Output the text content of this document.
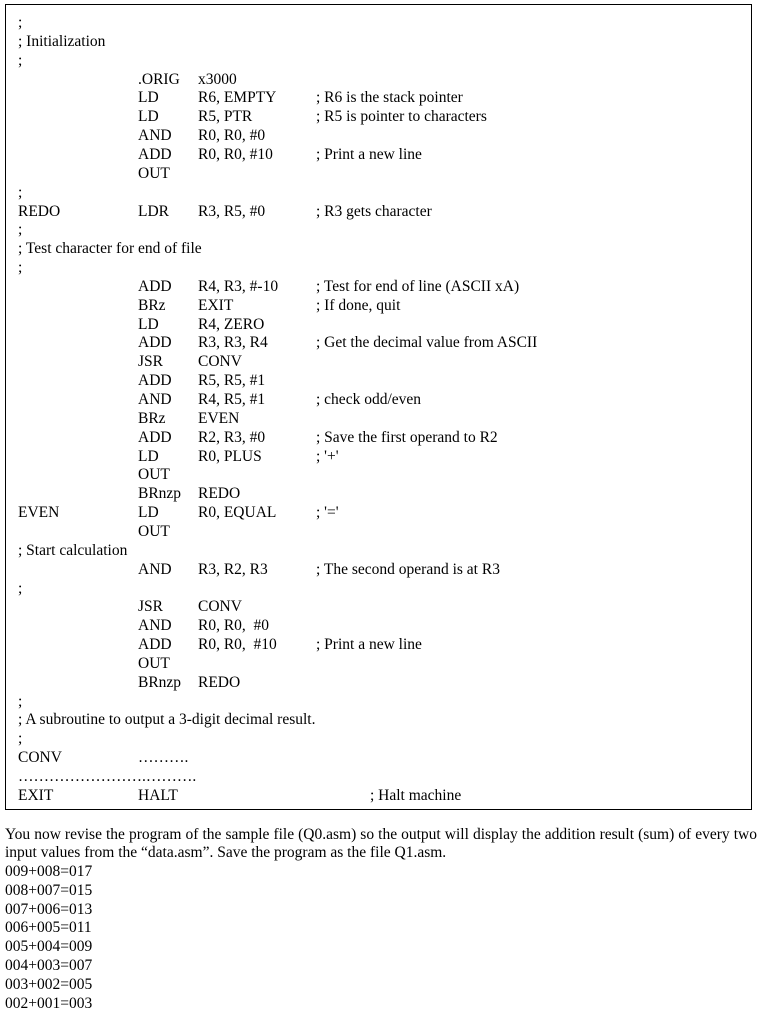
;
; Initialization
;
.ORIG x3000
LD	R6, EMPTY	; R6 is the stack pointer
LD	R5, PTR	; R5 is pointer to characters
AND R0, R0, #0
ADD R0, R0, #10	; Print a new line
OUT
;
REDO	LDR R3, R5, #0	; R3 gets character
;
; Test character for end of file
;
ADD R4, R3, #-10 ; Test for end of line (ASCII xA)
BRz EXIT	; If done, quit
LD	R4, ZERO
ADD R3, R3, R4	; Get the decimal value from ASCII
JSR CONV
ADD R5, R5, #1
AND R4, R5, #1	; check odd/even
BRz EVEN
ADD R2, R3, #0	; Save the first operand to R2
LD	R0, PLUS	; '+'
OUT
BRnzp REDO
EVEN	LD	R0, EQUAL	; '='
OUT
; Start calculation
AND R3, R2, R3	; The second operand is at R3
;
JSR CONV
AND R0, R0,  #0
ADD R0, R0,  #10	; Print a new line
OUT
BRnzp REDO
;
; A subroutine to output a 3-digit decimal result.
;
CONV	……….
…………………….……….
EXIT	HALT	; Halt machine
You now revise the program of the sample file (Q0.asm) so the output will display the addition result (sum) of every two input values from the “data.asm”. Save the program as the file Q1.asm.
009+008=017
008+007=015
007+006=013
006+005=011
005+004=009
004+003=007
003+002=005
002+001=003
